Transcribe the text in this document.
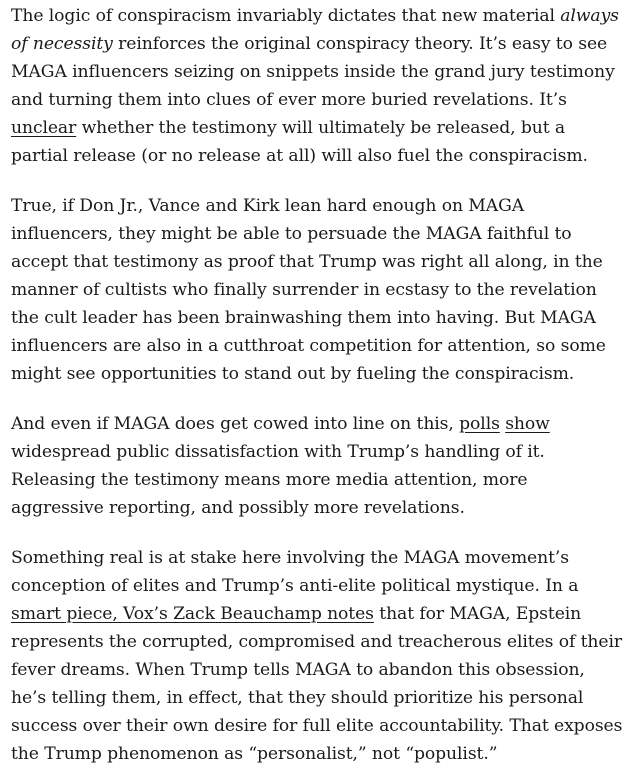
The logic of conspiracism invariably dictates that new material always of necessity reinforces the original conspiracy theory. It’s easy to see MAGA influencers seizing on snippets inside the grand jury testimony and turning them into clues of ever more buried revelations. It’s unclear whether the testimony will ultimately be released, but a partial release (or no release at all) will also fuel the conspiracism.

True, if Don Jr., Vance and Kirk lean hard enough on MAGA influencers, they might be able to persuade the MAGA faithful to accept that testimony as proof that Trump was right all along, in the manner of cultists who finally surrender in ecstasy to the revelation the cult leader has been brainwashing them into having. But MAGA influencers are also in a cutthroat competition for attention, so some might see opportunities to stand out by fueling the conspiracism.

And even if MAGA does get cowed into line on this, polls show widespread public dissatisfaction with Trump’s handling of it. Releasing the testimony means more media attention, more aggressive reporting, and possibly more revelations.

Something real is at stake here involving the MAGA movement’s conception of elites and Trump’s anti-elite political mystique. In a smart piece, Vox’s Zack Beauchamp notes that for MAGA, Epstein represents the corrupted, compromised and treacherous elites of their fever dreams. When Trump tells MAGA to abandon this obsession, he’s telling them, in effect, that they should prioritize his personal success over their own desire for full elite accountability. That exposes the Trump phenomenon as “personalist,” not “populist.”
